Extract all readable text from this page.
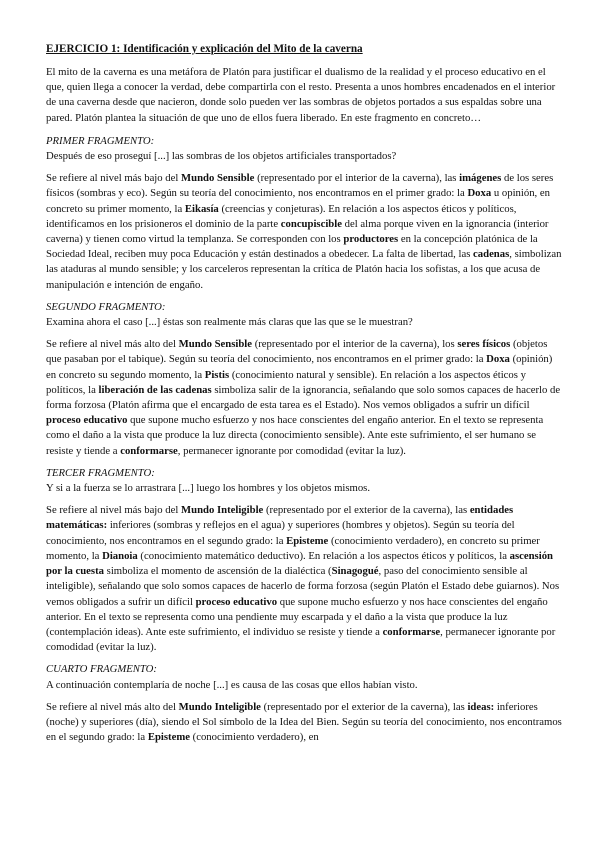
EJERCICIO 1: Identificación y explicación del Mito de la caverna

El mito de la caverna es una metáfora de Platón para justificar el dualismo de la realidad y el proceso educativo en el que, quien llega a conocer la verdad, debe compartirla con el resto. Presenta a unos hombres encadenados en el interior de una caverna desde que nacieron, donde solo pueden ver las sombras de objetos portados a sus espaldas sobre una pared. Platón plantea la situación de que uno de ellos fuera liberado. En este fragmento en concreto…

PRIMER FRAGMENTO:

Después de eso proseguí [...] las sombras de los objetos artificiales transportados?

Se refiere al nivel más bajo del Mundo Sensible (representado por el interior de la caverna), las imágenes de los seres físicos (sombras y eco). Según su teoría del conocimiento, nos encontramos en el primer grado: la Doxa u opinión, en concreto su primer momento, la Eikasía (creencias y conjeturas). En relación a los aspectos éticos y políticos, identificamos en los prisioneros el dominio de la parte concupiscible del alma porque viven en la ignorancia (interior caverna) y tienen como virtud la templanza. Se corresponden con los productores en la concepción platónica de la Sociedad Ideal, reciben muy poca Educación y están destinados a obedecer. La falta de libertad, las cadenas, simbolizan las ataduras al mundo sensible; y los carceleros representan la crítica de Platón hacia los sofistas, a los que acusa de manipulación e intención de engaño.

SEGUNDO FRAGMENTO:

Examina ahora el caso [...] éstas son realmente más claras que las que se le muestran?

Se refiere al nivel más alto del Mundo Sensible (representado por el interior de la caverna), los seres físicos (objetos que pasaban por el tabique). Según su teoría del conocimiento, nos encontramos en el primer grado: la Doxa (opinión) en concreto su segundo momento, la Pistis (conocimiento natural y sensible). En relación a los aspectos éticos y políticos, la liberación de las cadenas simboliza salir de la ignorancia, señalando que solo somos capaces de hacerlo de forma forzosa (Platón afirma que el encargado de esta tarea es el Estado). Nos vemos obligados a sufrir un difícil proceso educativo que supone mucho esfuerzo y nos hace conscientes del engaño anterior. En el texto se representa como el daño a la vista que produce la luz directa (conocimiento sensible). Ante este sufrimiento, el ser humano se resiste y tiende a conformarse, permanecer ignorante por comodidad (evitar la luz).

TERCER FRAGMENTO:

Y si a la fuerza se lo arrastrara [...] luego los hombres y los objetos mismos.

Se refiere al nivel más bajo del Mundo Inteligible (representado por el exterior de la caverna), las entidades matemáticas: inferiores (sombras y reflejos en el agua) y superiores (hombres y objetos). Según su teoría del conocimiento, nos encontramos en el segundo grado: la Episteme (conocimiento verdadero), en concreto su primer momento, la Dianoia (conocimiento matemático deductivo). En relación a los aspectos éticos y políticos, la ascensión por la cuesta simboliza el momento de ascensión de la dialéctica (Sinagogué, paso del conocimiento sensible al inteligible), señalando que solo somos capaces de hacerlo de forma forzosa (según Platón el Estado debe guiarnos). Nos vemos obligados a sufrir un difícil proceso educativo que supone mucho esfuerzo y nos hace conscientes del engaño anterior. En el texto se representa como una pendiente muy escarpada y el daño a la vista que produce la luz (contemplación ideas). Ante este sufrimiento, el individuo se resiste y tiende a conformarse, permanecer ignorante por comodidad (evitar la luz).

CUARTO FRAGMENTO:

A continuación contemplaría de noche [...] es causa de las cosas que ellos habían visto.

Se refiere al nivel más alto del Mundo Inteligible (representado por el exterior de la caverna), las ideas: inferiores (noche) y superiores (día), siendo el Sol símbolo de la Idea del Bien. Según su teoría del conocimiento, nos encontramos en el segundo grado: la Episteme (conocimiento verdadero), en
